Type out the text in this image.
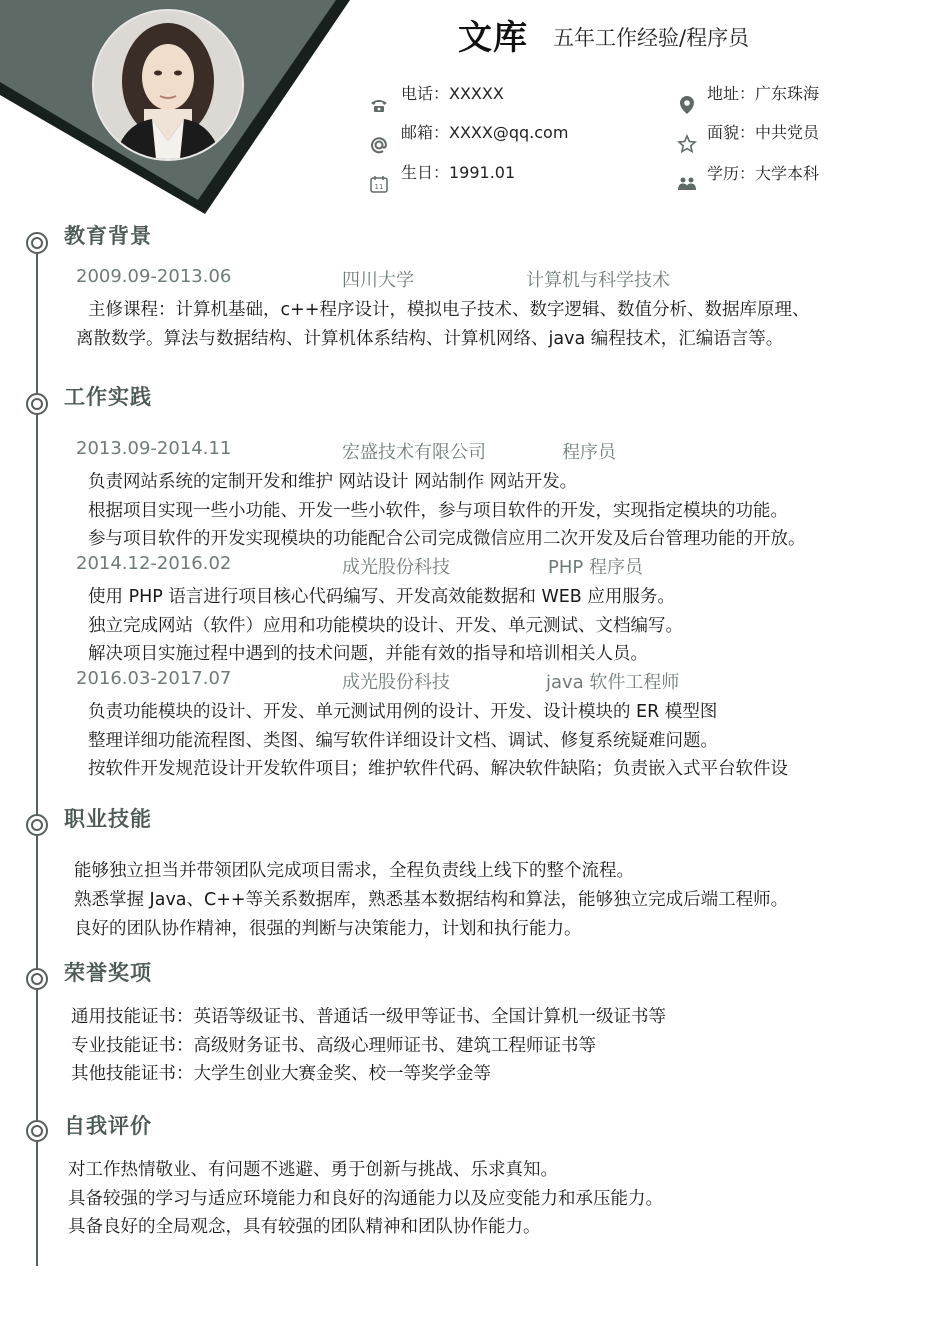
文库 五年工作经验/程序员
电话：XXXXX
邮箱：XXXX@qq.com
11
生日：1991.01
地址：广东珠海
面貌：中共党员
学历：大学本科
教育背景
2009.09-2013.06	四川大学	计算机与科学技术
主修课程：计算机基础，c++程序设计，模拟电子技术、数字逻辑、数值分析、数据库原理、
离散数学。算法与数据结构、计算机体系结构、计算机网络、java 编程技术，汇编语言等。
工作实践
2013.09-2014.11	宏盛技术有限公司	程序员
负责网站系统的定制开发和维护 网站设计 网站制作 网站开发。
根据项目实现一些小功能、开发一些小软件，参与项目软件的开发，实现指定模块的功能。
参与项目软件的开发实现模块的功能配合公司完成微信应用二次开发及后台管理功能的开放。
2014.12-2016.02	成光股份科技	PHP 程序员
使用 PHP 语言进行项目核心代码编写、开发高效能数据和 WEB 应用服务。
独立完成网站（软件）应用和功能模块的设计、开发、单元测试、文档编写。
解决项目实施过程中遇到的技术问题，并能有效的指导和培训相关人员。
2016.03-2017.07	成光股份科技	java 软件工程师
负责功能模块的设计、开发、单元测试用例的设计、开发、设计模块的 ER 模型图
整理详细功能流程图、类图、编写软件详细设计文档、调试、修复系统疑难问题。
按软件开发规范设计开发软件项目；维护软件代码、解决软件缺陷；负责嵌入式平台软件设
职业技能
能够独立担当并带领团队完成项目需求，全程负责线上线下的整个流程。
熟悉掌握 Java、C++等关系数据库，熟悉基本数据结构和算法，能够独立完成后端工程师。
良好的团队协作精神，很强的判断与决策能力，计划和执行能力。
荣誉奖项
通用技能证书：英语等级证书、普通话一级甲等证书、全国计算机一级证书等
专业技能证书：高级财务证书、高级心理师证书、建筑工程师证书等
其他技能证书：大学生创业大赛金奖、校一等奖学金等
自我评价
对工作热情敬业、有问题不逃避、勇于创新与挑战、乐求真知。
具备较强的学习与适应环境能力和良好的沟通能力以及应变能力和承压能力。
具备良好的全局观念，具有较强的团队精神和团队协作能力。
